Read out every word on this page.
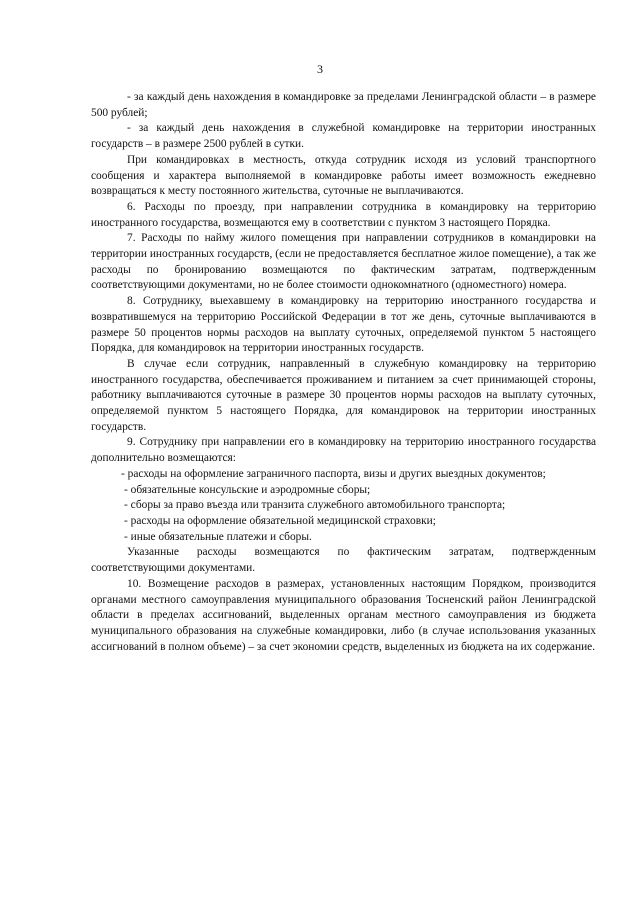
3

- за каждый день нахождения в командировке за пределами Ленинградской области – в размере 500 рублей;

- за каждый день нахождения в служебной командировке на территории иностранных государств – в размере 2500 рублей в сутки.

При командировках в местность, откуда сотрудник исходя из условий транспортного сообщения и характера выполняемой в командировке работы имеет возможность ежедневно возвращаться к месту постоянного жительства, суточные не выплачиваются.

6. Расходы по проезду, при направлении сотрудника в командировку на территорию иностранного государства, возмещаются ему в соответствии с пунктом 3 настоящего Порядка.

7. Расходы по найму жилого помещения при направлении сотрудников в командировки на территории иностранных государств, (если не предоставляется бесплатное жилое помещение), а так же расходы по бронированию возмещаются по фактическим затратам, подтвержденным соответствующими документами, но не более стоимости однокомнатного (одноместного) номера.

8. Сотруднику, выехавшему в командировку на территорию иностранного государства и возвратившемуся на территорию Российской Федерации в тот же день, суточные выплачиваются в размере 50 процентов нормы расходов на выплату суточных, определяемой пунктом 5 настоящего Порядка, для командировок на территории иностранных государств.

В случае если сотрудник, направленный в служебную командировку на территорию иностранного государства, обеспечивается проживанием и питанием за счет принимающей стороны, работнику выплачиваются суточные в размере 30 процентов нормы расходов на выплату суточных, определяемой пунктом 5 настоящего Порядка, для командировок на территории иностранных государств.

9. Сотруднику при направлении его в командировку на территорию иностранного государства дополнительно возмещаются:

- расходы на оформление заграничного паспорта, визы и других выездных документов;

- обязательные консульские и аэродромные сборы;

- сборы за право въезда или транзита служебного автомобильного транспорта;

- расходы на оформление обязательной медицинской страховки;

- иные обязательные платежи и сборы.

Указанные расходы возмещаются по фактическим затратам, подтвержденным соответствующими документами.

10. Возмещение расходов в размерах, установленных настоящим Порядком, производится органами местного самоуправления муниципального образования Тосненский район Ленинградской области в пределах ассигнований, выделенных органам местного самоуправления из бюджета муниципального образования на служебные командировки, либо (в случае использования указанных ассигнований в полном объеме) – за счет экономии средств, выделенных из бюджета на их содержание.
